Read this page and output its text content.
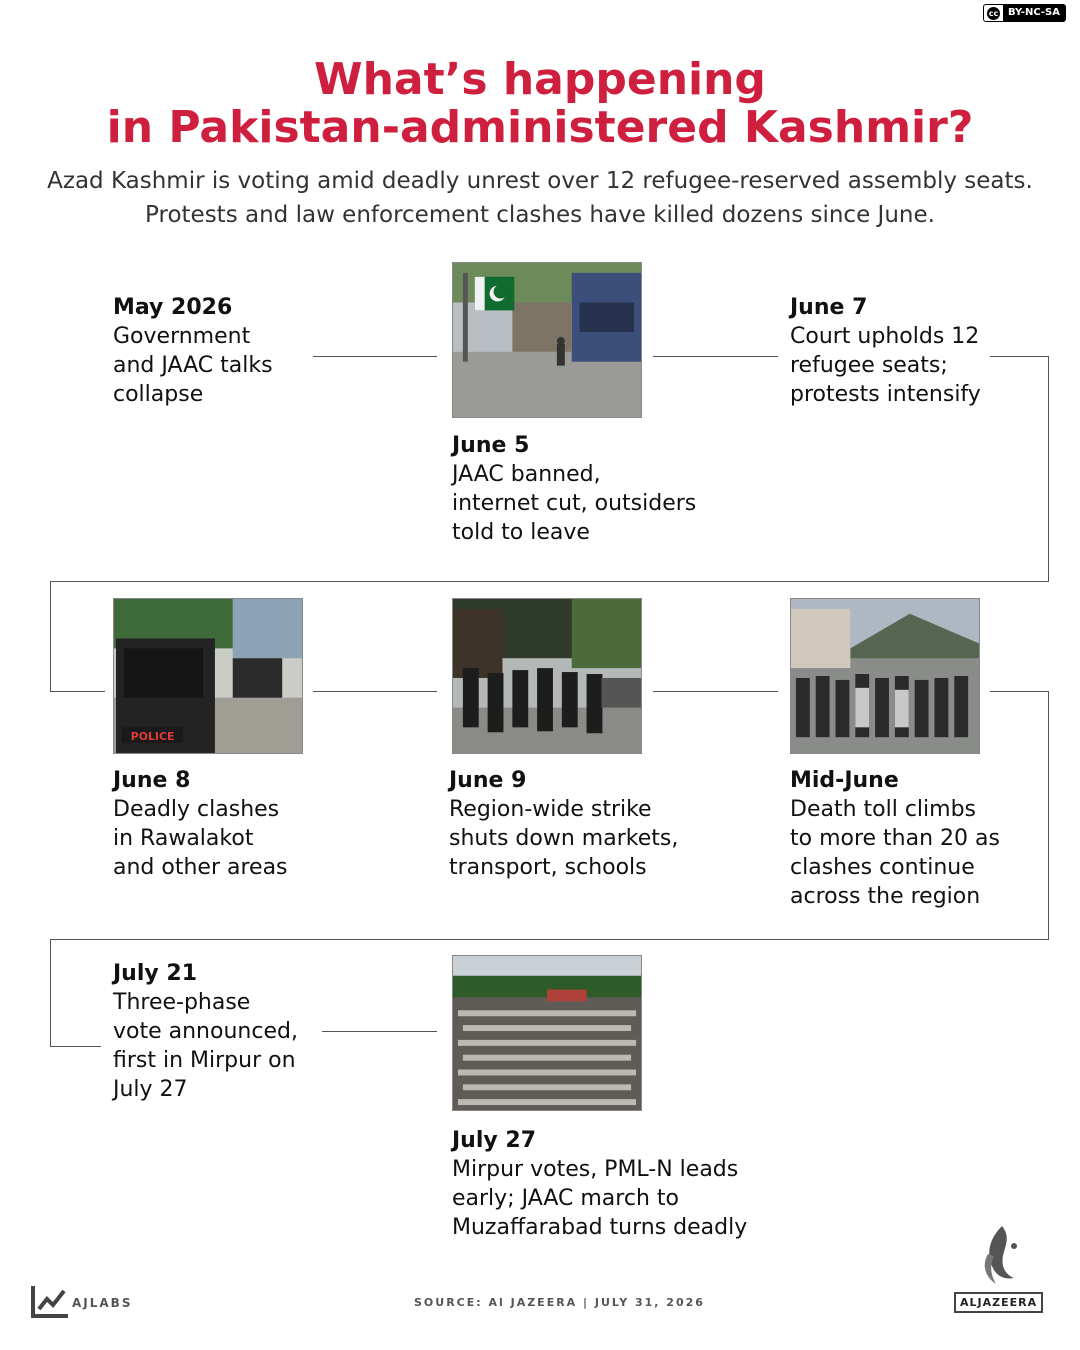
cc BY-NC-SA
What’s happening
in Pakistan-administered Kashmir?

Azad Kashmir is voting amid deadly unrest over 12 refugee-reserved assembly seats. Protests and law enforcement clashes have killed dozens since June.

POLICE
May 2026
Government
and JAAC talks
collapse
June 5
JAAC banned,
internet cut, outsiders
told to leave
June 7
Court upholds 12
refugee seats;
protests intensify
June 8
Deadly clashes
in Rawalakot
and other areas
June 9
Region-wide strike
shuts down markets,
transport, schools
Mid-June
Death toll climbs
to more than 20 as
clashes continue
across the region
July 21
Three-phase
vote announced,
first in Mirpur on
July 27
July 27
Mirpur votes, PML-N leads
early; JAAC march to
Muzaffarabad turns deadly
AJLABS	SOURCE: Al JAZEERA | JULY 31, 2026	ALJAZEERA
